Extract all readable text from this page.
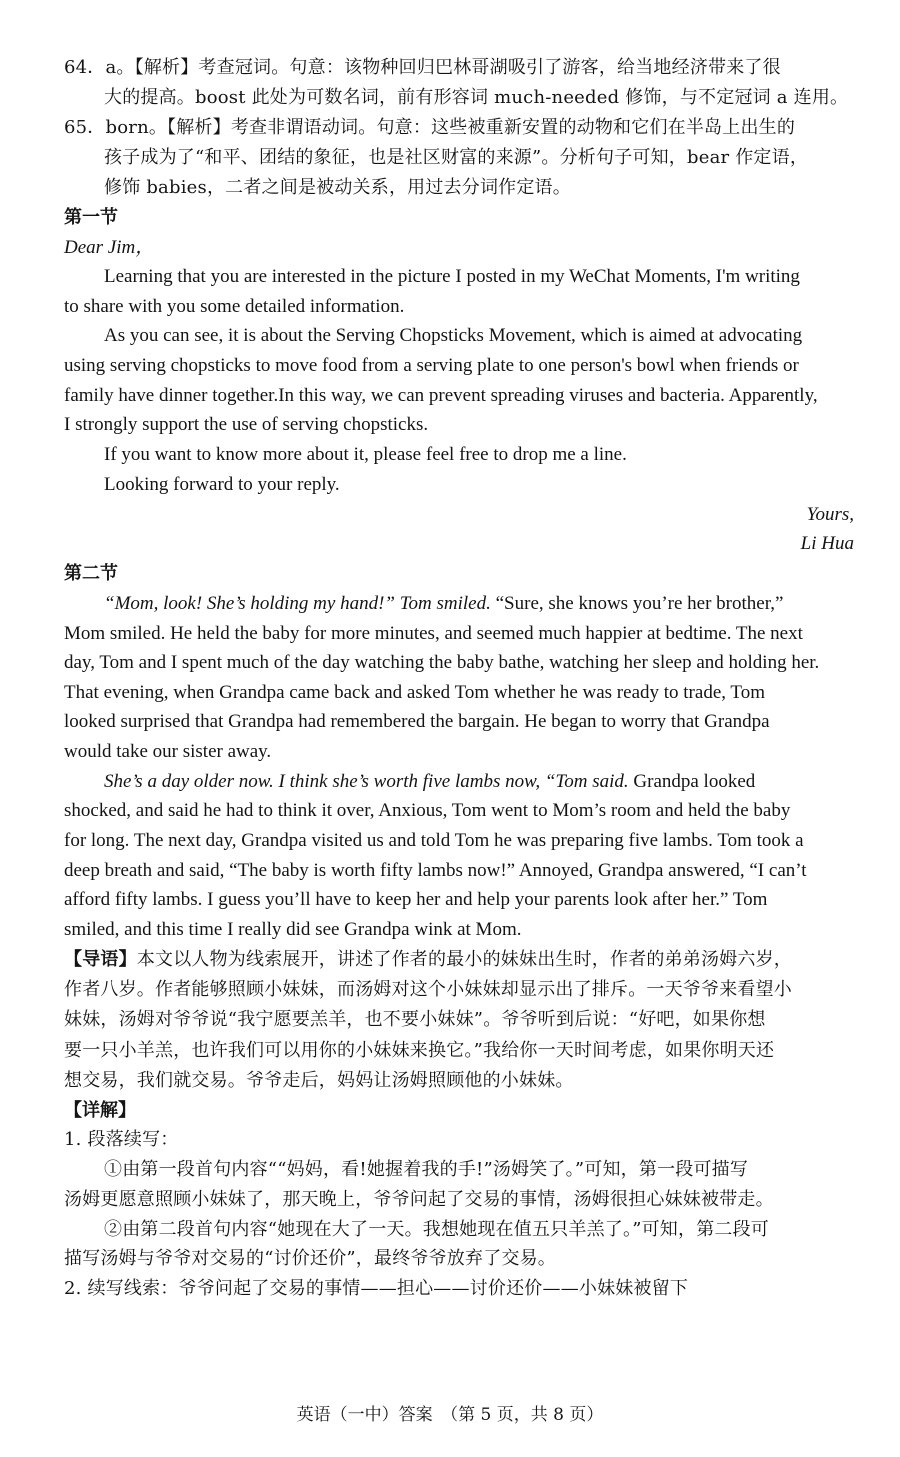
64．a。【解析】考查冠词。句意：该物种回归巴林哥湖吸引了游客，给当地经济带来了很
大的提高。boost 此处为可数名词，前有形容词 much-needed 修饰，与不定冠词 a 连用。
65．born。【解析】考查非谓语动词。句意：这些被重新安置的动物和它们在半岛上出生的
孩子成为了“和平、团结的象征，也是社区财富的来源”。分析句子可知，bear 作定语，
修饰 babies，二者之间是被动关系，用过去分词作定语。
第一节
Dear Jim，
Learning that you are interested in the picture I posted in my WeChat Moments, I'm writing
to share with you some detailed information.
As you can see, it is about the Serving Chopsticks Movement, which is aimed at advocating
using serving chopsticks to move food from a serving plate to one person's bowl when friends or
family have dinner together.In this way, we can prevent spreading viruses and bacteria. Apparently,
I strongly support the use of serving chopsticks.
If you want to know more about it, please feel free to drop me a line.
Looking forward to your reply.
Yours,
Li Hua
第二节
“Mom, look! She’s holding my hand!” Tom smiled. “Sure, she knows you’re her brother,”
Mom smiled. He held the baby for more minutes, and seemed much happier at bedtime. The next
day, Tom and I spent much of the day watching the baby bathe, watching her sleep and holding her.
That evening, when Grandpa came back and asked Tom whether he was ready to trade, Tom
looked surprised that Grandpa had remembered the bargain. He began to worry that Grandpa
would take our sister away.
She’s a day older now. I think she’s worth five lambs now, “Tom said. Grandpa looked
shocked, and said he had to think it over, Anxious, Tom went to Mom’s room and held the baby
for long. The next day, Grandpa visited us and told Tom he was preparing five lambs. Tom took a
deep breath and said, “The baby is worth fifty lambs now!” Annoyed, Grandpa answered, “I can’t
afford fifty lambs. I guess you’ll have to keep her and help your parents look after her.” Tom
smiled, and this time I really did see Grandpa wink at Mom.
【导语】本文以人物为线索展开，讲述了作者的最小的妹妹出生时，作者的弟弟汤姆六岁，
作者八岁。作者能够照顾小妹妹，而汤姆对这个小妹妹却显示出了排斥。一天爷爷来看望小
妹妹，汤姆对爷爷说“我宁愿要羔羊，也不要小妹妹”。爷爷听到后说：“好吧，如果你想
要一只小羊羔，也许我们可以用你的小妹妹来换它。”我给你一天时间考虑，如果你明天还
想交易，我们就交易。爷爷走后，妈妈让汤姆照顾他的小妹妹。
【详解】
1. 段落续写：
①由第一段首句内容““妈妈，看!她握着我的手!”汤姆笑了。”可知，第一段可描写
汤姆更愿意照顾小妹妹了，那天晚上，爷爷问起了交易的事情，汤姆很担心妹妹被带走。
②由第二段首句内容“她现在大了一天。我想她现在值五只羊羔了。”可知，第二段可
描写汤姆与爷爷对交易的“讨价还价”，最终爷爷放弃了交易。
2. 续写线索：爷爷问起了交易的事情——担心——讨价还价——小妹妹被留下
英语（一中）答案　（第 5 页，共 8 页）
